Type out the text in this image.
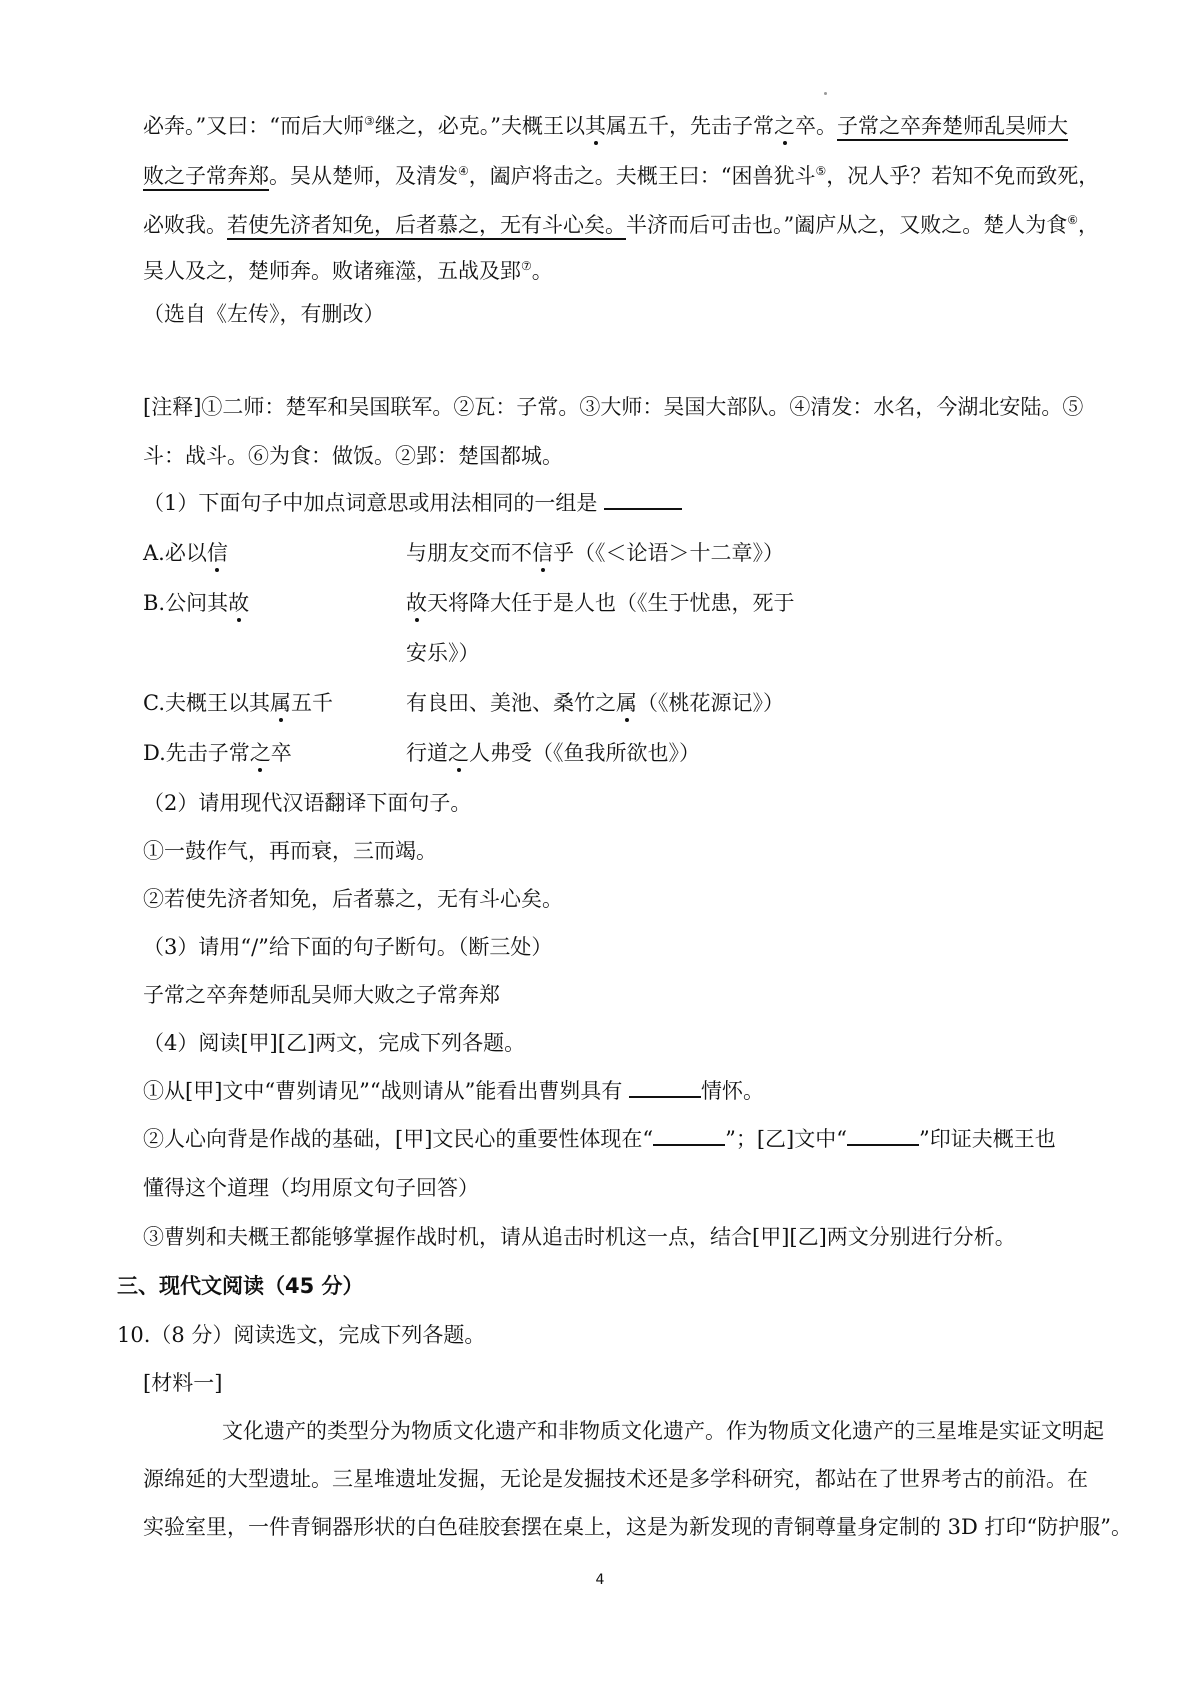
必奔。”又曰：“而后大师③继之，必克。”夫概王以其属五千，先击子常之卒。子常之卒奔楚师乱吴师大
败之子常奔郑。吴从楚师，及清发④，阖庐将击之。夫概王曰：“困兽犹斗⑤，况人乎？若知不免而致死，
必败我。若使先济者知免，后者慕之，无有斗心矣。半济而后可击也。”阖庐从之，又败之。楚人为食⑥，
吴人及之，楚师奔。败诸雍澨，五战及郢⑦。
（选自《左传》，有删改）
[注释]①二师：楚军和吴国联军。②瓦：子常。③大师：吴国大部队。④清发：水名，今湖北安陆。⑤
斗：战斗。⑥为食：做饭。②郢：楚国都城。
（1）下面句子中加点词意思或用法相同的一组是
A.必以信	与朋友交而不信乎（《＜论语＞十二章》）
B.公问其故	故天将降大任于是人也（《生于忧患，死于
安乐》）
C.夫概王以其属五千	有良田、美池、桑竹之属（《桃花源记》）
D.先击子常之卒	行道之人弗受（《鱼我所欲也》）
（2）请用现代汉语翻译下面句子。
①一鼓作气，再而衰，三而竭。
②若使先济者知免，后者慕之，无有斗心矣。
（3）请用“/”给下面的句子断句。（断三处）
子常之卒奔楚师乱吴师大败之子常奔郑
（4）阅读[甲][乙]两文，完成下列各题。
①从[甲]文中“曹刿请见”“战则请从”能看出曹刿具有	情怀。
②人心向背是作战的基础，[甲]文民心的重要性体现在“	”；[乙]文中“	”印证夫概王也
懂得这个道理（均用原文句子回答）
③曹刿和夫概王都能够掌握作战时机，请从追击时机这一点，结合[甲][乙]两文分别进行分析。
三、现代文阅读（45 分）
10.（8 分）阅读选文，完成下列各题。
[材料一]
文化遗产的类型分为物质文化遗产和非物质文化遗产。作为物质文化遗产的三星堆是实证文明起
源绵延的大型遗址。三星堆遗址发掘，无论是发掘技术还是多学科研究，都站在了世界考古的前沿。在
实验室里，一件青铜器形状的白色硅胶套摆在桌上，这是为新发现的青铜尊量身定制的 3D 打印“防护服”。
4
